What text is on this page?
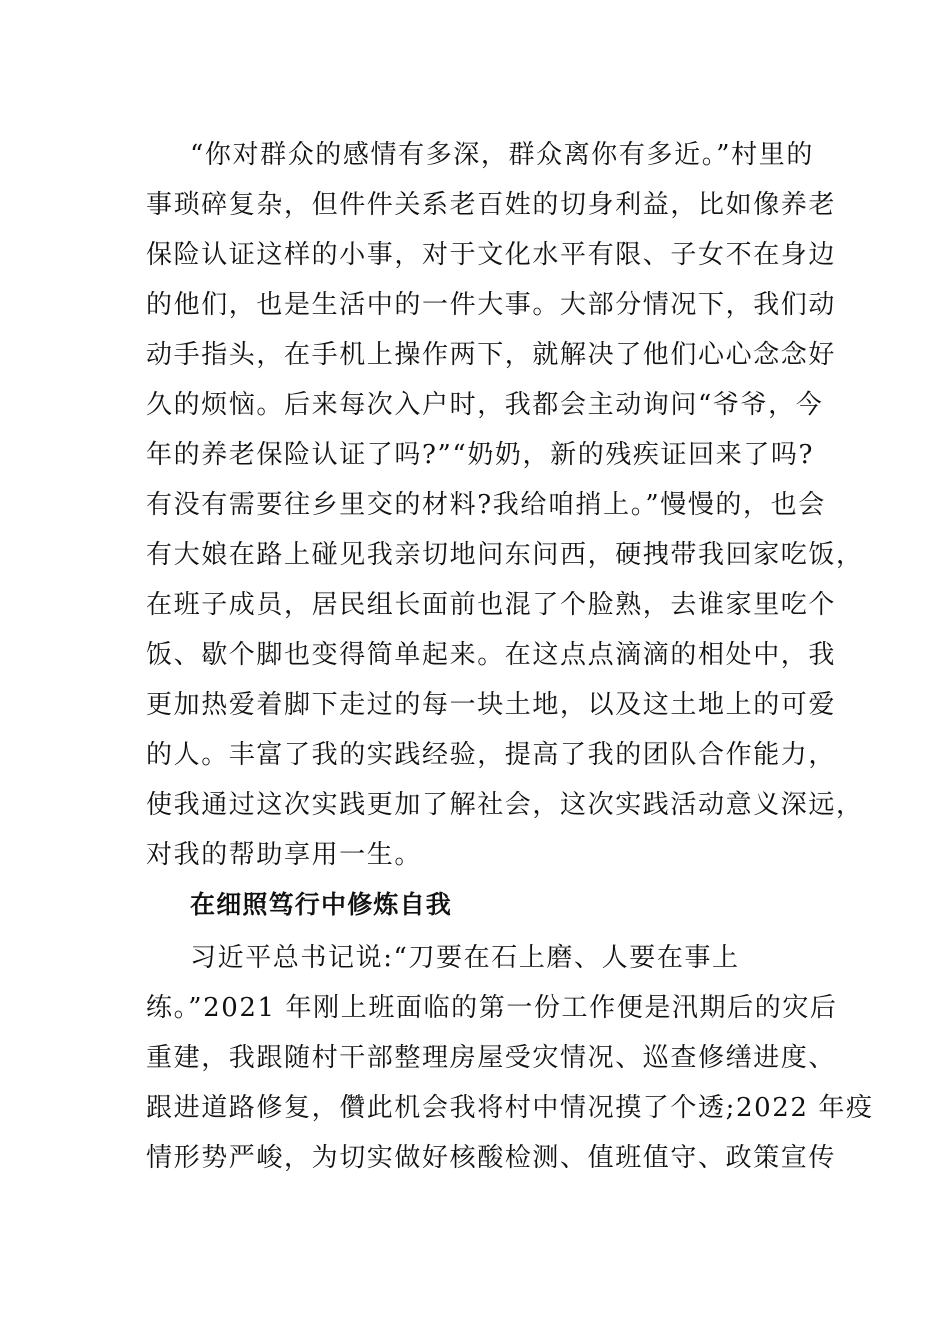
“你对群众的感情有多深，群众离你有多近。”村里的
事琐碎复杂，但件件关系老百姓的切身利益，比如像养老
保险认证这样的小事，对于文化水平有限、子女不在身边
的他们，也是生活中的一件大事。大部分情况下，我们动
动手指头，在手机上操作两下，就解决了他们心心念念好
久的烦恼。后来每次入户时，我都会主动询问“爷爷，今
年的养老保险认证了吗?”“奶奶，新的残疾证回来了吗?
有没有需要往乡里交的材料?我给咱捎上。”慢慢的，也会
有大娘在路上碰见我亲切地问东问西，硬拽带我回家吃饭，
在班子成员，居民组长面前也混了个脸熟，去谁家里吃个
饭、歇个脚也变得简单起来。在这点点滴滴的相处中，我
更加热爱着脚下走过的每一块土地，以及这土地上的可爱
的人。丰富了我的实践经验，提高了我的团队合作能力，
使我通过这次实践更加了解社会，这次实践活动意义深远，
对我的帮助享用一生。
在细照笃行中修炼自我
习近平总书记说:“刀要在石上磨、人要在事上
练。”2021 年刚上班面临的第一份工作便是汛期后的灾后
重建，我跟随村干部整理房屋受灾情况、巡查修缮进度、
跟进道路修复，儹此机会我将村中情况摸了个透;2022 年疫
情形势严峻，为切实做好核酸检测、值班值守、政策宣传
